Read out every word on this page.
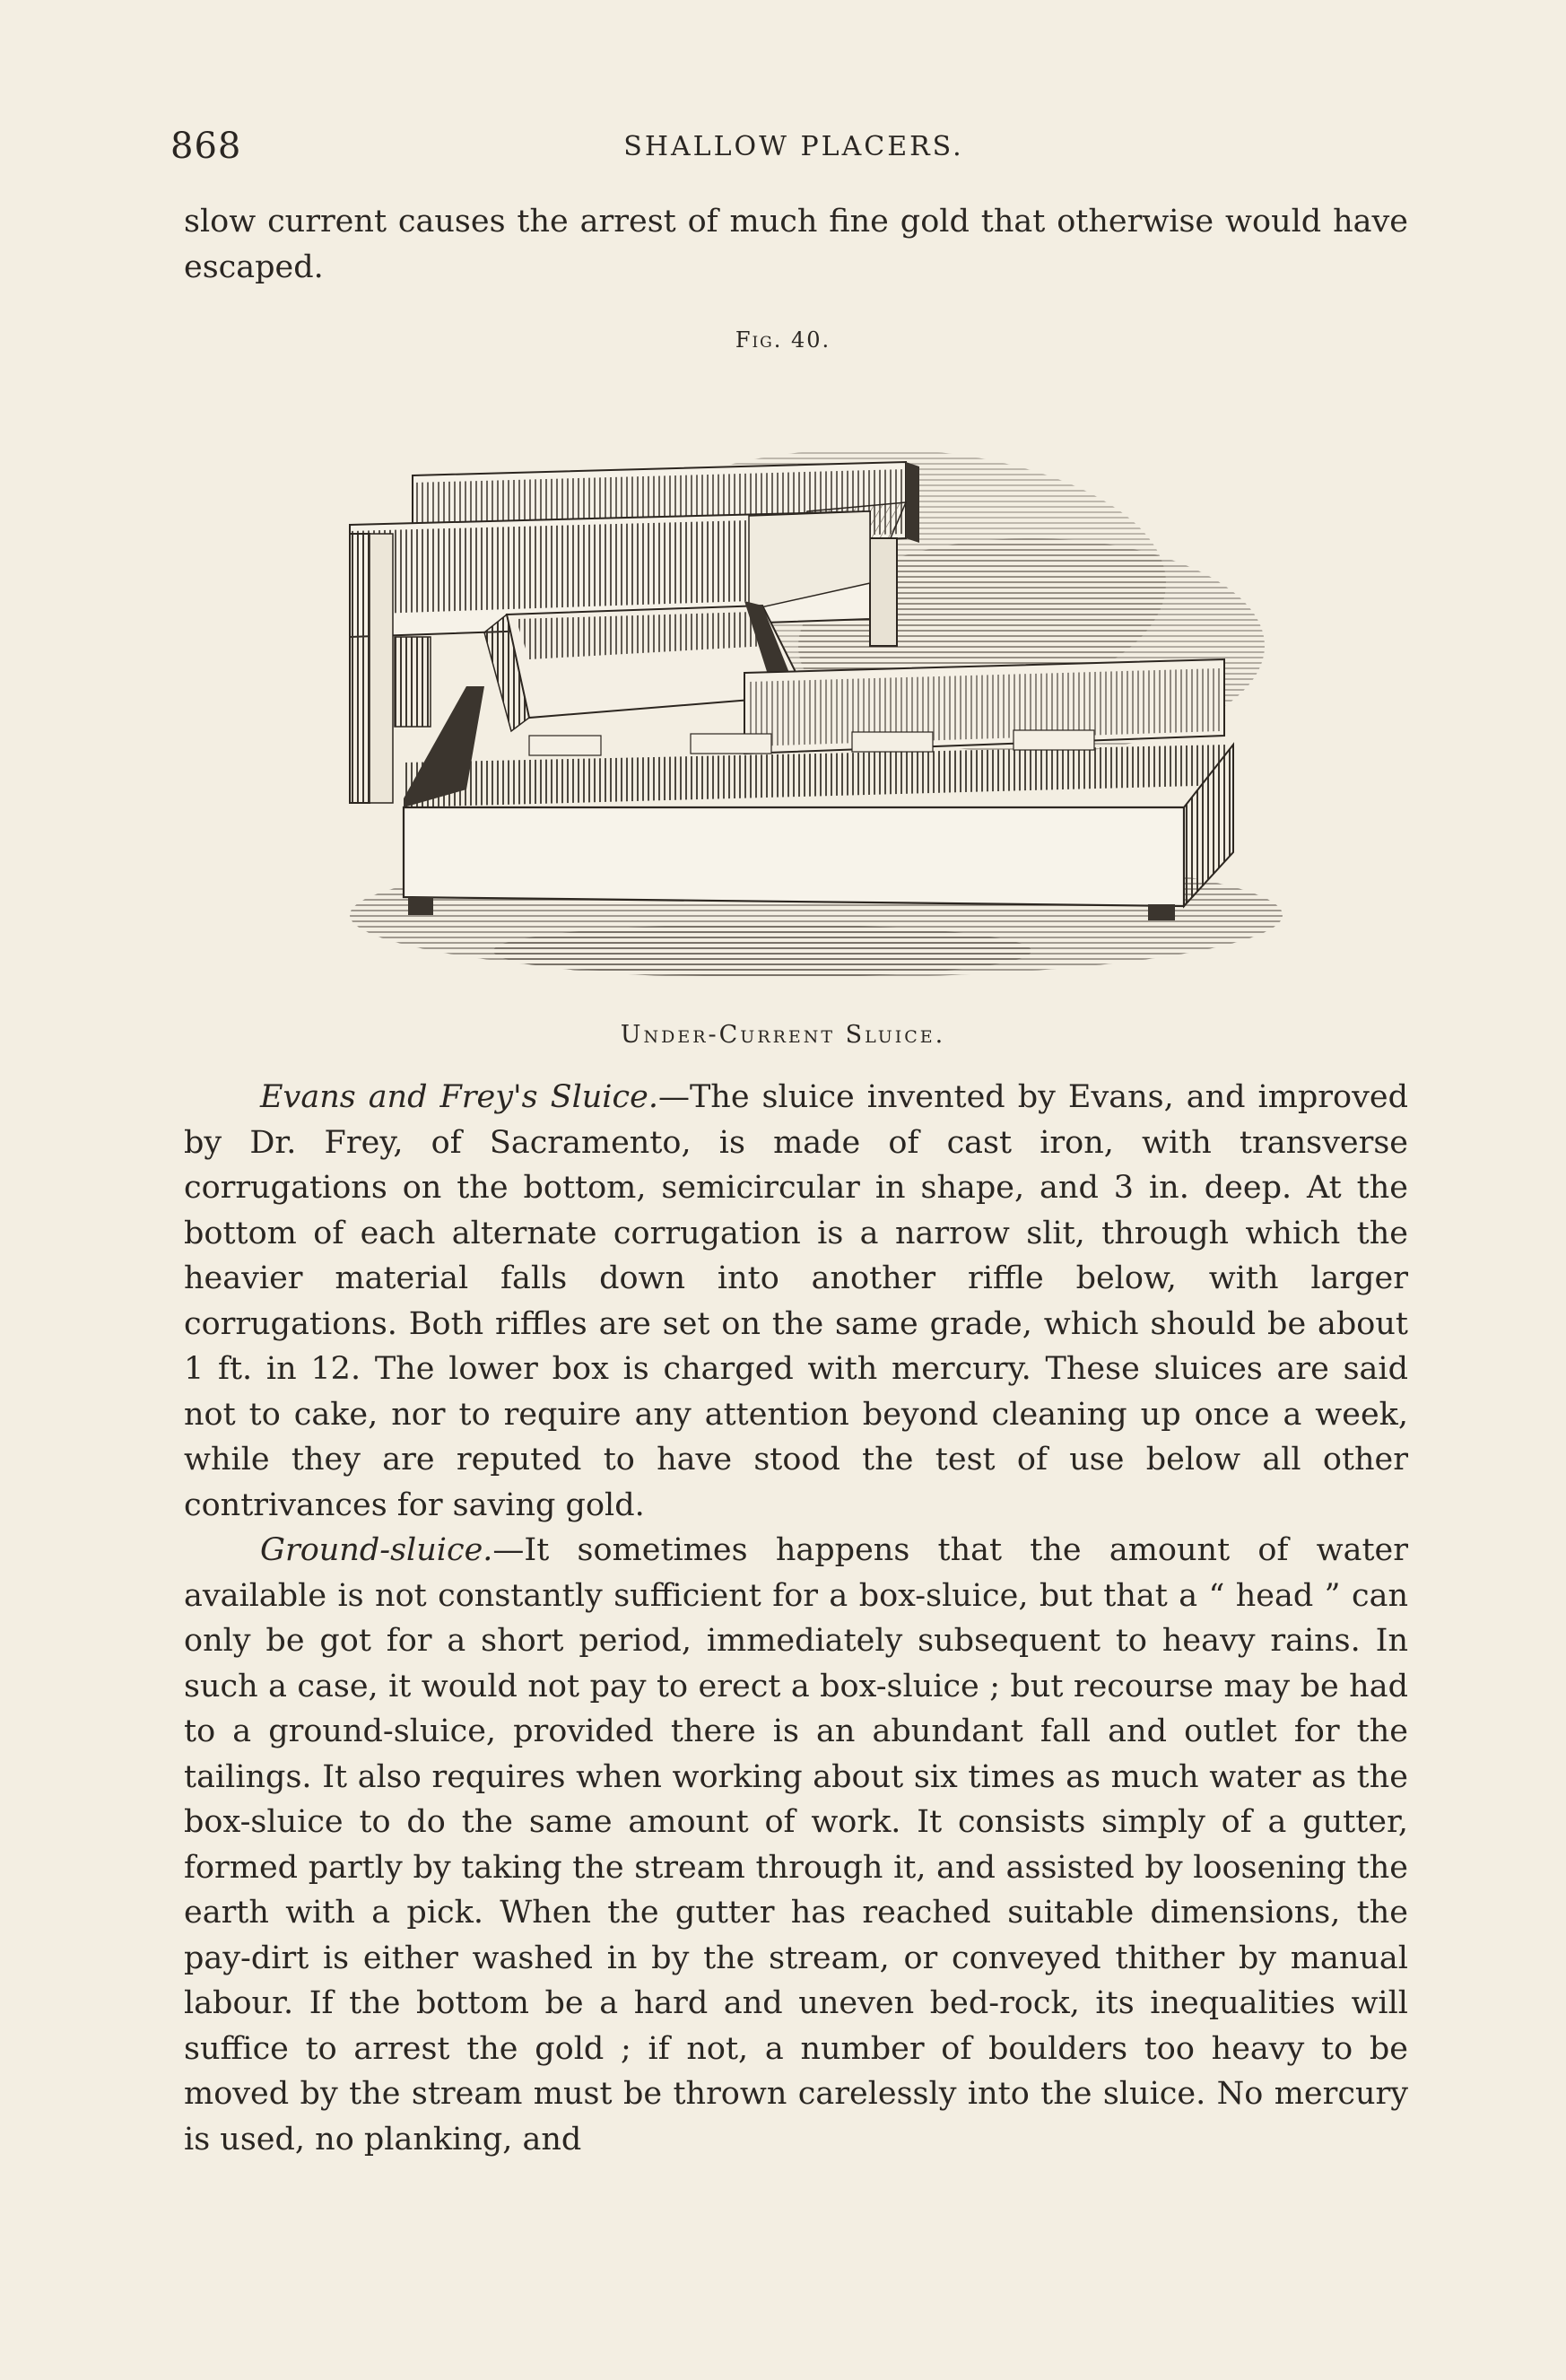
868	SHALLOW PLACERS.

slow current causes the arrest of much fine gold that otherwise would have escaped.

Fig. 40.
Under-Current Sluice.

Evans and Frey's Sluice.—The sluice invented by Evans, and improved by Dr. Frey, of Sacramento, is made of cast iron, with transverse corrugations on the bottom, semicircular in shape, and 3 in. deep. At the bottom of each alternate corrugation is a narrow slit, through which the heavier material falls down into another riffle below, with larger corrugations. Both riffles are set on the same grade, which should be about 1 ft. in 12. The lower box is charged with mercury. These sluices are said not to cake, nor to require any attention beyond cleaning up once a week, while they are reputed to have stood the test of use below all other contrivances for saving gold.

Ground-sluice.—It sometimes happens that the amount of water available is not constantly sufficient for a box-sluice, but that a “ head ” can only be got for a short period, immediately subsequent to heavy rains. In such a case, it would not pay to erect a box-sluice ; but recourse may be had to a ground-sluice, provided there is an abundant fall and outlet for the tailings. It also requires when working about six times as much water as the box-sluice to do the same amount of work. It consists simply of a gutter, formed partly by taking the stream through it, and assisted by loosening the earth with a pick. When the gutter has reached suitable dimensions, the pay-dirt is either washed in by the stream, or conveyed thither by manual labour. If the bottom be a hard and uneven bed-rock, its inequalities will suffice to arrest the gold ; if not, a number of boulders too heavy to be moved by the stream must be thrown carelessly into the sluice. No mercury is used, no planking, and
